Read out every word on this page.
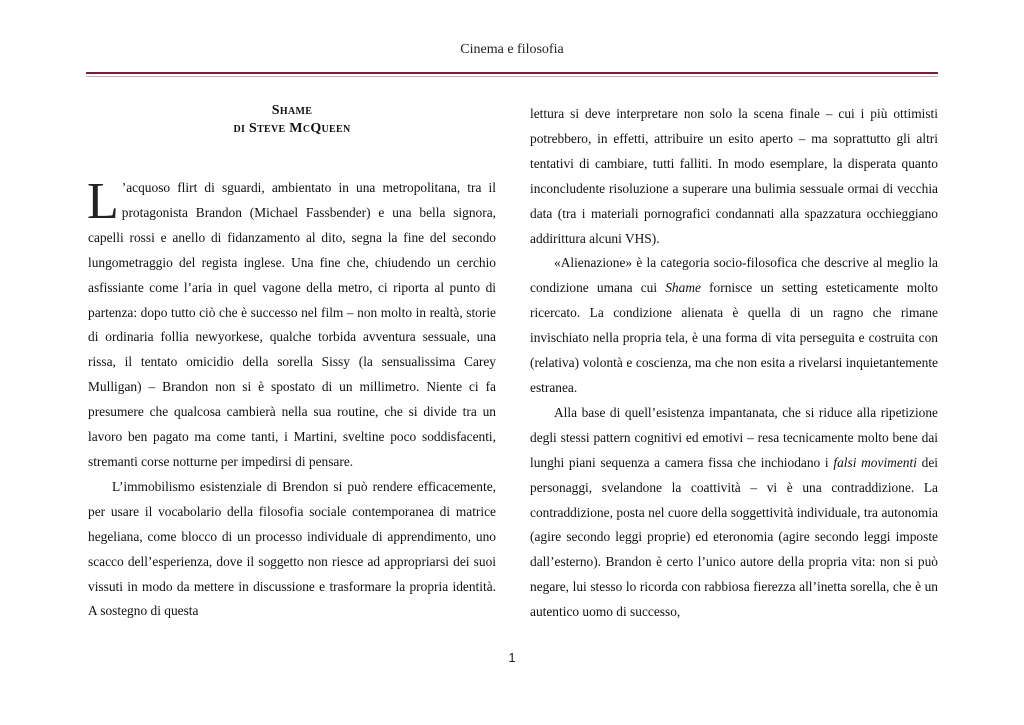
Cinema e filosofia
Shame
di Steve McQueen

L ’acquoso flirt di sguardi, ambientato in una metropolitana, tra il protagonista Brandon (Michael Fassbender) e una bella signora, capelli rossi e anello di fidanzamento al dito, segna la fine del secondo lungometraggio del regista inglese. Una fine che, chiudendo un cerchio asfissiante come l’aria in quel vagone della metro, ci riporta al punto di partenza: dopo tutto ciò che è successo nel film – non molto in realtà, storie di ordinaria follia newyorkese, qualche torbida avventura sessuale, una rissa, il tentato omicidio della sorella Sissy (la sensualissima Carey Mulligan) – Brandon non si è spostato di un millimetro. Niente ci fa presumere che qualcosa cambierà nella sua routine, che si divide tra un lavoro ben pagato ma come tanti, i Martini, sveltine poco soddisfacenti, stremanti corse notturne per impedirsi di pensare.

L’immobilismo esistenziale di Brendon si può rendere efficacemente, per usare il vocabolario della filosofia sociale contemporanea di matrice hegeliana, come blocco di un processo individuale di apprendimento, uno scacco dell’esperienza, dove il soggetto non riesce ad appropriarsi dei suoi vissuti in modo da mettere in discussione e trasformare la propria identità. A sostegno di questa

lettura si deve interpretare non solo la scena finale – cui i più ottimisti potrebbero, in effetti, attribuire un esito aperto – ma soprattutto gli altri tentativi di cambiare, tutti falliti. In modo esemplare, la disperata quanto inconcludente risoluzione a superare una bulimia sessuale ormai di vecchia data (tra i materiali pornografici condannati alla spazzatura occhieggiano addirittura alcuni VHS).

«Alienazione» è la categoria socio-filosofica che descrive al meglio la condizione umana cui Shame fornisce un setting esteticamente molto ricercato. La condizione alienata è quella di un ragno che rimane invischiato nella propria tela, è una forma di vita perseguita e costruita con (relativa) volontà e coscienza, ma che non esita a rivelarsi inquietantemente estranea.

Alla base di quell’esistenza impantanata, che si riduce alla ripetizione degli stessi pattern cognitivi ed emotivi – resa tecnicamente molto bene dai lunghi piani sequenza a camera fissa che inchiodano i falsi movimenti dei personaggi, svelandone la coattività – vi è una contraddizione. La contraddizione, posta nel cuore della soggettività individuale, tra autonomia (agire secondo leggi proprie) ed eteronomia (agire secondo leggi imposte dall’esterno). Brandon è certo l’unico autore della propria vita: non si può negare, lui stesso lo ricorda con rabbiosa fierezza all’inetta sorella, che è un autentico uomo di successo,

1
